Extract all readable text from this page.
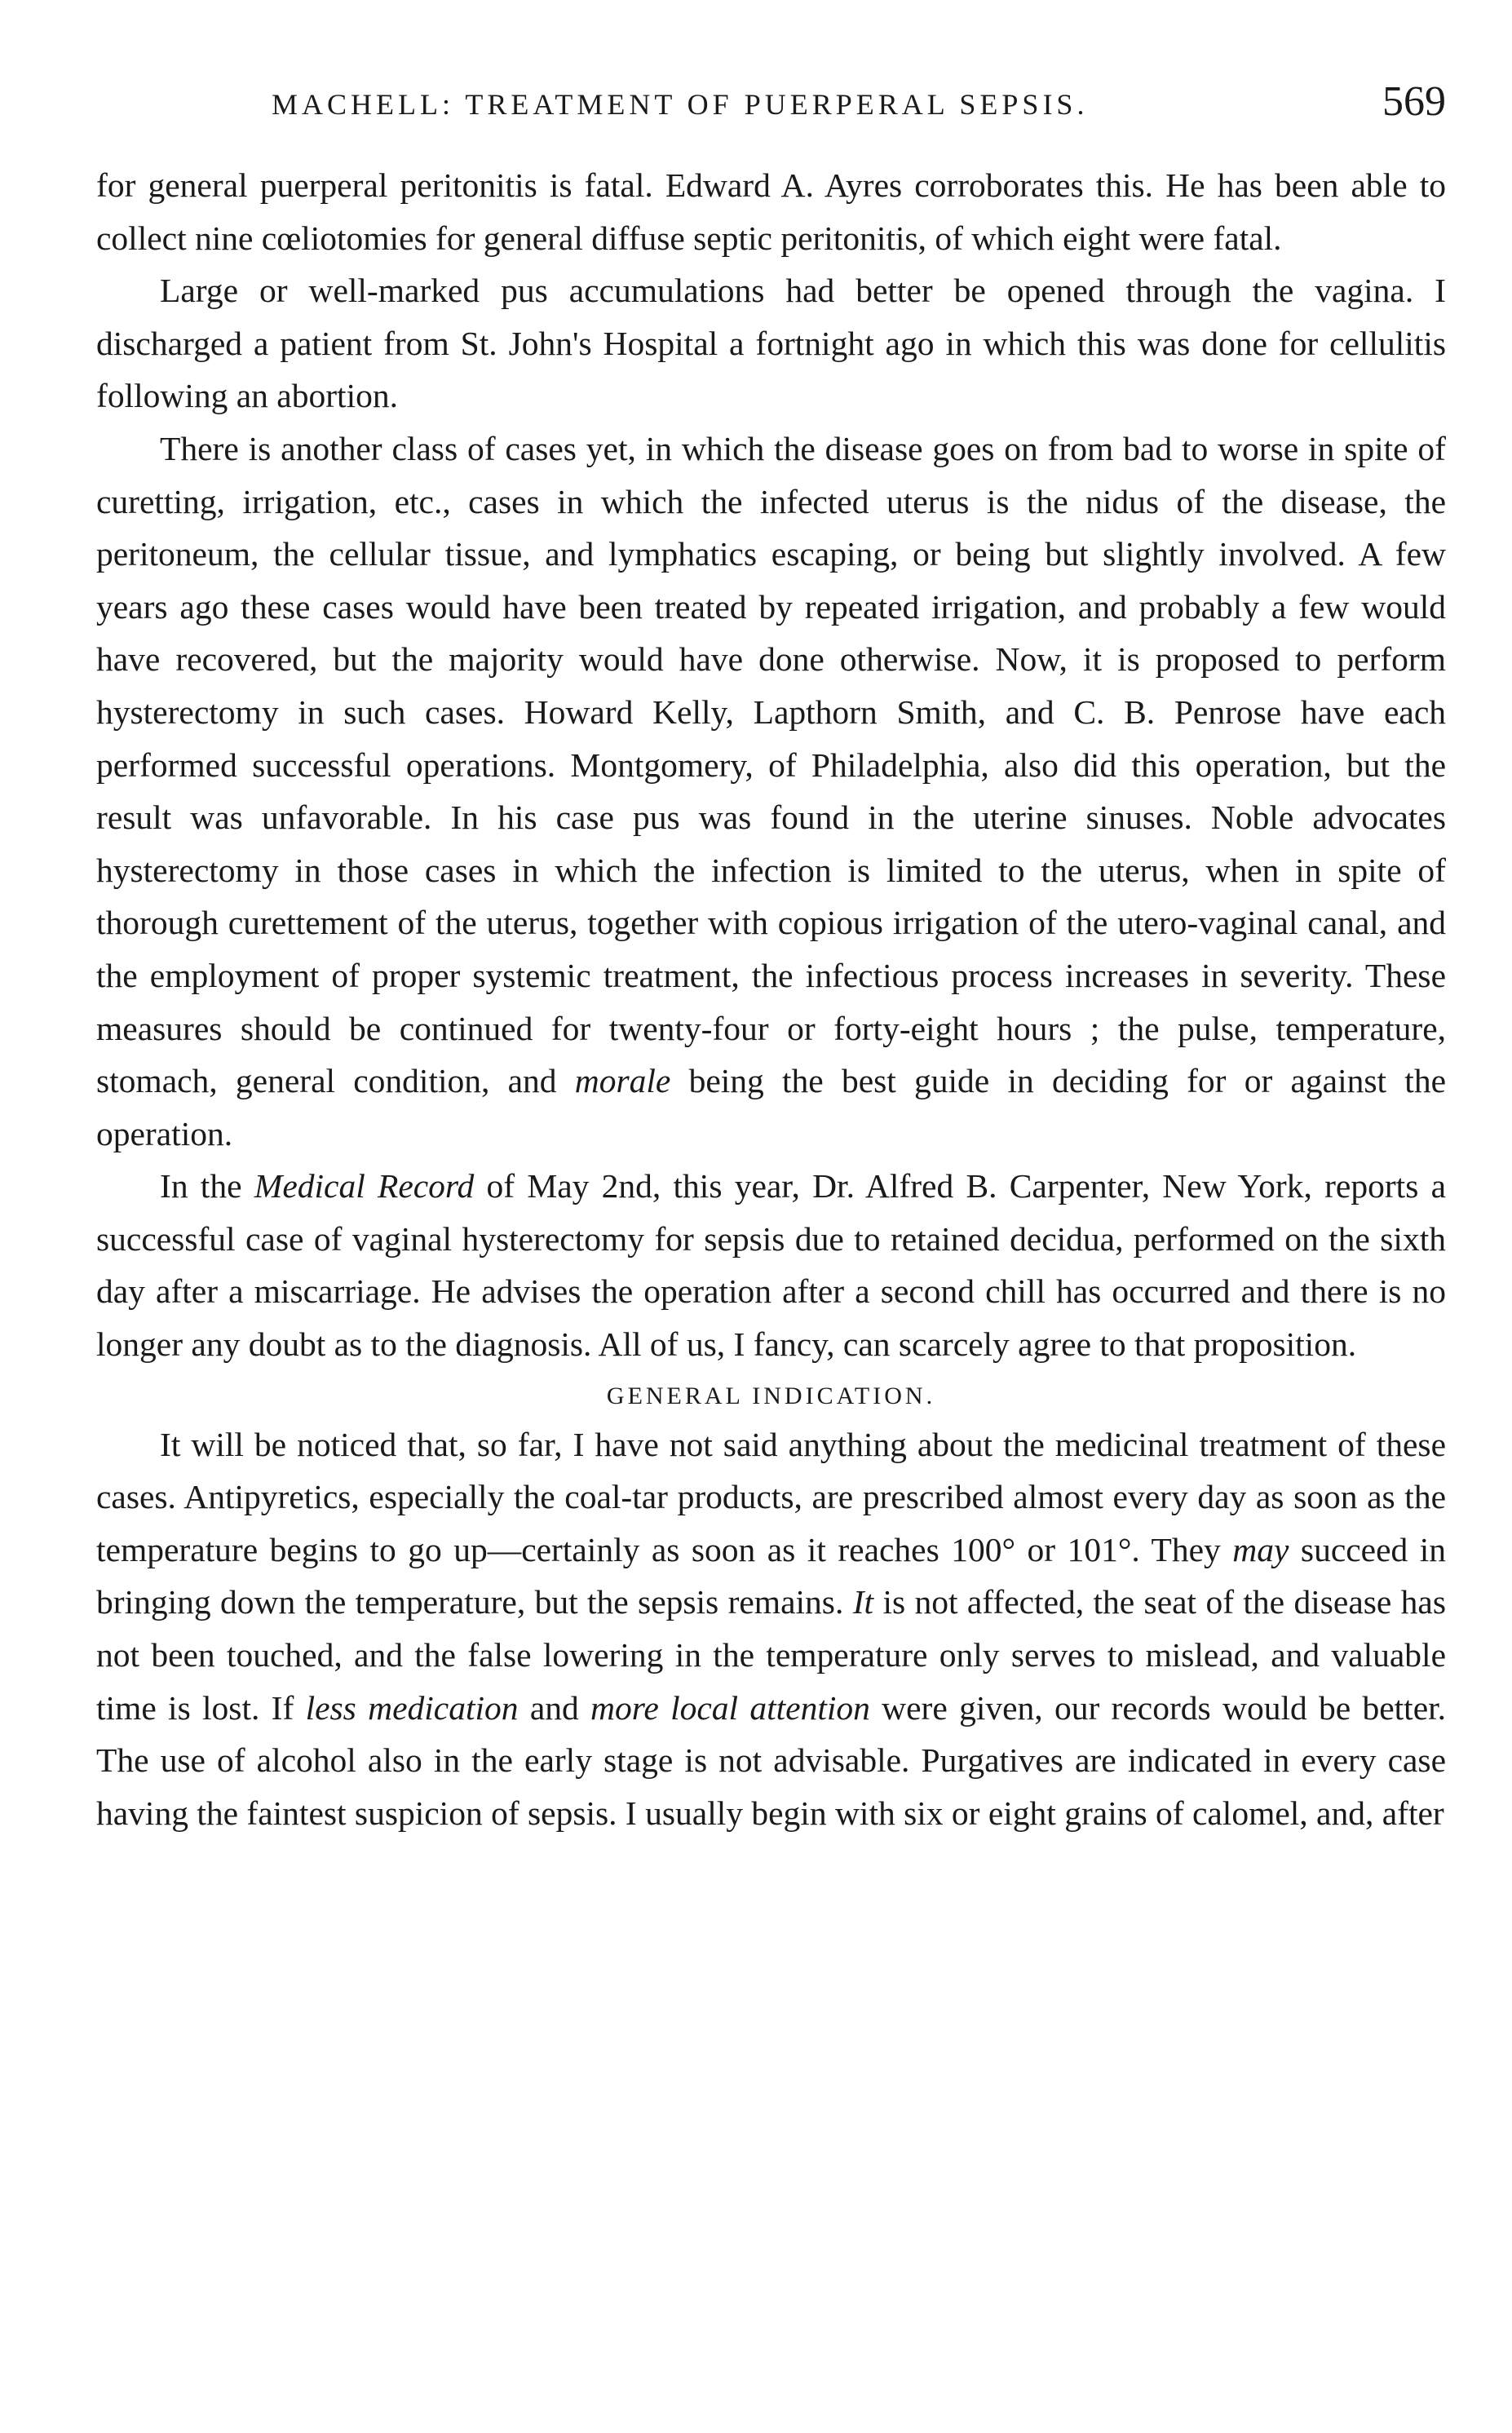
MACHELL: TREATMENT OF PUERPERAL SEPSIS.	569

for general puerperal peritonitis is fatal. Edward A. Ayres corroborates this. He has been able to collect nine cœliotomies for general diffuse septic peritonitis, of which eight were fatal.

Large or well-marked pus accumulations had better be opened through the vagina. I discharged a patient from St. John's Hospital a fortnight ago in which this was done for cellulitis following an abortion.

There is another class of cases yet, in which the disease goes on from bad to worse in spite of curetting, irrigation, etc., cases in which the infected uterus is the nidus of the disease, the peritoneum, the cellular tissue, and lymphatics escaping, or being but slightly involved. A few years ago these cases would have been treated by repeated irrigation, and probably a few would have recovered, but the majority would have done otherwise. Now, it is proposed to perform hysterectomy in such cases. Howard Kelly, Lapthorn Smith, and C. B. Penrose have each performed successful operations. Montgomery, of Philadelphia, also did this operation, but the result was unfavorable. In his case pus was found in the uterine sinuses. Noble advocates hysterectomy in those cases in which the infection is limited to the uterus, when in spite of thorough curettement of the uterus, together with copious irrigation of the utero-vaginal canal, and the employment of proper systemic treatment, the infectious process increases in severity. These measures should be continued for twenty-four or forty-eight hours ; the pulse, temperature, stomach, general condition, and morale being the best guide in deciding for or against the operation.

In the Medical Record of May 2nd, this year, Dr. Alfred B. Carpenter, New York, reports a successful case of vaginal hysterectomy for sepsis due to retained decidua, performed on the sixth day after a miscarriage. He advises the operation after a second chill has occurred and there is no longer any doubt as to the diagnosis. All of us, I fancy, can scarcely agree to that proposition.

GENERAL INDICATION.

It will be noticed that, so far, I have not said anything about the medicinal treatment of these cases. Antipyretics, especially the coal-tar products, are prescribed almost every day as soon as the temperature begins to go up—certainly as soon as it reaches 100° or 101°. They may succeed in bringing down the temperature, but the sepsis remains. It is not affected, the seat of the disease has not been touched, and the false lowering in the temperature only serves to mislead, and valuable time is lost. If less medication and more local attention were given, our records would be better. The use of alcohol also in the early stage is not advisable. Purgatives are indicated in every case having the faintest suspicion of sepsis. I usually begin with six or eight grains of calomel, and, after
